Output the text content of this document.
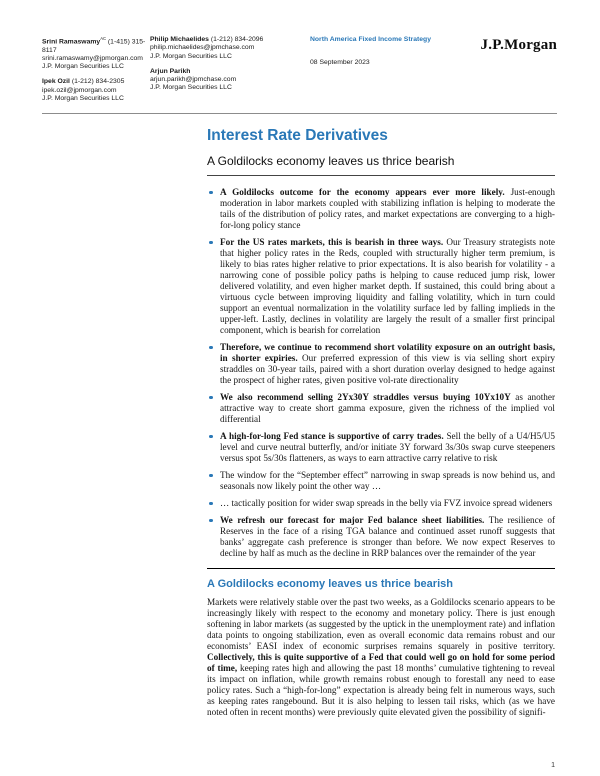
Srini Ramaswamy$^{AC}$ (1-415) 315-8117
srini.ramaswamy@jpmorgan.com
J.P. Morgan Securities LLC
Ipek Ozil (1-212) 834-2305
ipek.ozil@jpmorgan.com
J.P. Morgan Securities LLC
Philip Michaelides (1-212) 834-2096
philip.michaelides@jpmchase.com
J.P. Morgan Securities LLC
Arjun Parikh
arjun.parikh@jpmchase.com
J.P. Morgan Securities LLC
North America Fixed Income Strategy
08 September 2023
J.P.Morgan
Interest Rate Derivatives
A Goldilocks economy leaves us thrice bearish
A Goldilocks outcome for the economy appears ever more likely. Just-enough moderation in labor markets coupled with stabilizing inflation is helping to moderate the tails of the distribution of policy rates, and market expectations are converging to a high-for-long policy stance
For the US rates markets, this is bearish in three ways. Our Treasury strategists note that higher policy rates in the Reds, coupled with structurally higher term premium, is likely to bias rates higher relative to prior expectations. It is also bearish for volatility - a narrowing cone of possible policy paths is helping to cause reduced jump risk, lower delivered volatility, and even higher market depth. If sustained, this could bring about a virtuous cycle between improving liquidity and falling volatility, which in turn could support an eventual normalization in the volatility surface led by falling implieds in the upper-left. Lastly, declines in volatility are largely the result of a smaller first principal component, which is bearish for correlation
Therefore, we continue to recommend short volatility exposure on an outright basis, in shorter expiries. Our preferred expression of this view is via selling short expiry straddles on 30-year tails, paired with a short duration overlay designed to hedge against the prospect of higher rates, given positive vol-rate directionality
We also recommend selling 2Yx30Y straddles versus buying 10Yx10Y as another attractive way to create short gamma exposure, given the richness of the implied vol differential
A high-for-long Fed stance is supportive of carry trades. Sell the belly of a U4/H5/U5 level and curve neutral butterfly, and/or initiate 3Y forward 3s/30s swap curve steepeners versus spot 5s/30s flatteners, as ways to earn attractive carry relative to risk
The window for the “September effect” narrowing in swap spreads is now behind us, and seasonals now likely point the other way …
… tactically position for wider swap spreads in the belly via FVZ invoice spread wideners
We refresh our forecast for major Fed balance sheet liabilities. The resilience of Reserves in the face of a rising TGA balance and continued asset runoff suggests that banks’ aggregate cash preference is stronger than before. We now expect Reserves to decline by half as much as the decline in RRP balances over the remainder of the year
A Goldilocks economy leaves us thrice bearish

Markets were relatively stable over the past two weeks, as a Goldilocks scenario appears to be increasingly likely with respect to the economy and monetary policy. There is just enough softening in labor markets (as suggested by the uptick in the unemployment rate) and inflation data points to ongoing stabilization, even as overall economic data remains robust and our economists’ EASI index of economic surprises remains squarely in positive territory. Collectively, this is quite supportive of a Fed that could well go on hold for some period of time, keeping rates high and allowing the past 18 months’ cumulative tightening to reveal its impact on inflation, while growth remains robust enough to forestall any need to ease policy rates. Such a “high-for-long” expectation is already being felt in numerous ways, such as keeping rates rangebound. But it is also helping to lessen tail risks, which (as we have noted often in recent months) were previously quite elevated given the possibility of signifi-

1
